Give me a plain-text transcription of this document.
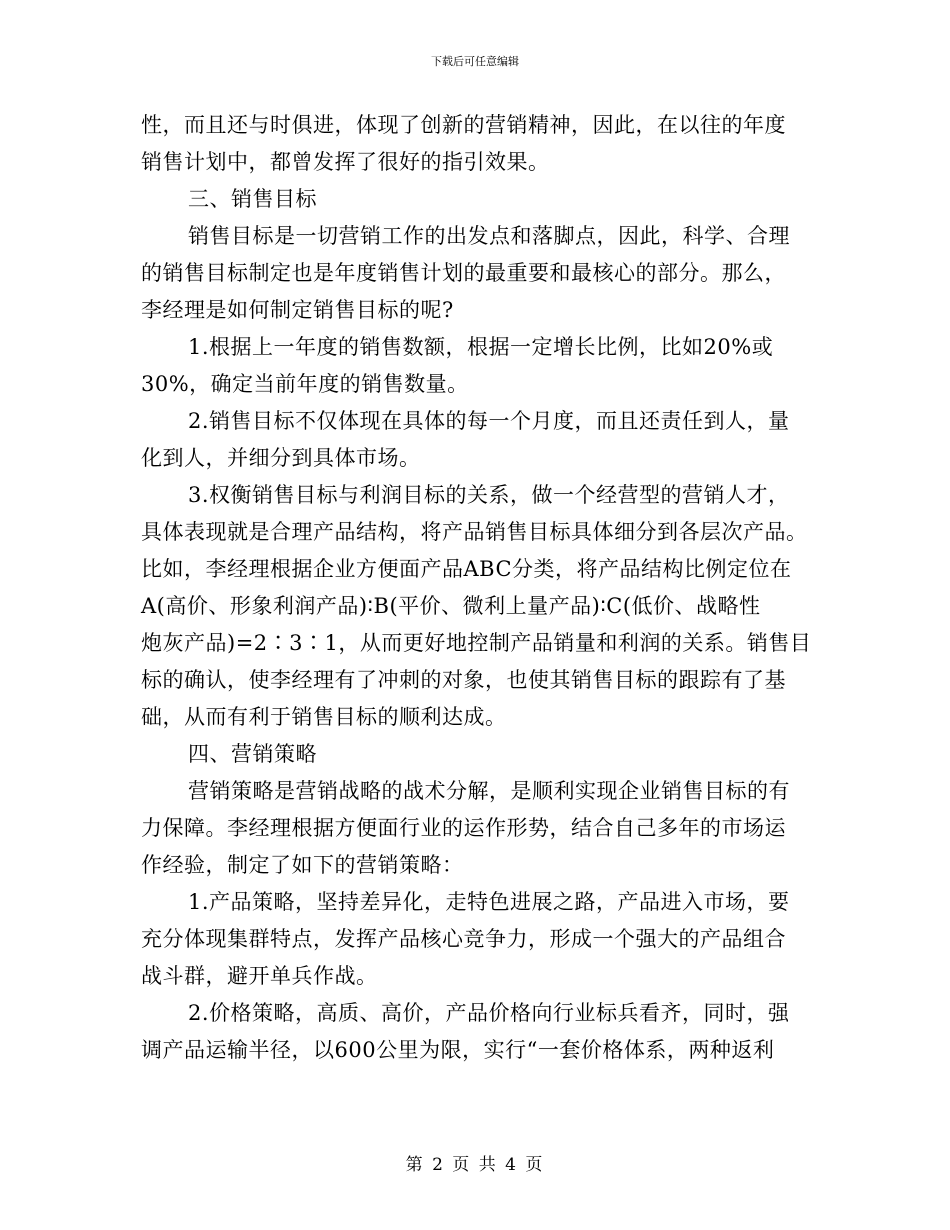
下载后可任意编辑
性，而且还与时俱进，体现了创新的营销精神，因此，在以往的年度
销售计划中，都曾发挥了很好的指引效果。
三、销售目标
销售目标是一切营销工作的出发点和落脚点，因此，科学、合理
的销售目标制定也是年度销售计划的最重要和最核心的部分。那么，
李经理是如何制定销售目标的呢?
1.根据上一年度的销售数额，根据一定增长比例，比如20%或
30%，确定当前年度的销售数量。
2.销售目标不仅体现在具体的每一个月度，而且还责任到人，量
化到人，并细分到具体市场。
3.权衡销售目标与利润目标的关系，做一个经营型的营销人才，
具体表现就是合理产品结构，将产品销售目标具体细分到各层次产品。
比如，李经理根据企业方便面产品ABC分类，将产品结构比例定位在
A(高价、形象利润产品)∶B(平价、微利上量产品)∶C(低价、战略性
炮灰产品)=2∶3∶1，从而更好地控制产品销量和利润的关系。销售目
标的确认，使李经理有了冲刺的对象，也使其销售目标的跟踪有了基
础，从而有利于销售目标的顺利达成。
四、营销策略
营销策略是营销战略的战术分解，是顺利实现企业销售目标的有
力保障。李经理根据方便面行业的运作形势，结合自己多年的市场运
作经验，制定了如下的营销策略：
1.产品策略，坚持差异化，走特色进展之路，产品进入市场，要
充分体现集群特点，发挥产品核心竞争力，形成一个强大的产品组合
战斗群，避开单兵作战。
2.价格策略，高质、高价，产品价格向行业标兵看齐，同时，强
调产品运输半径，以600公里为限，实行“一套价格体系，两种返利
第 2 页 共 4 页
